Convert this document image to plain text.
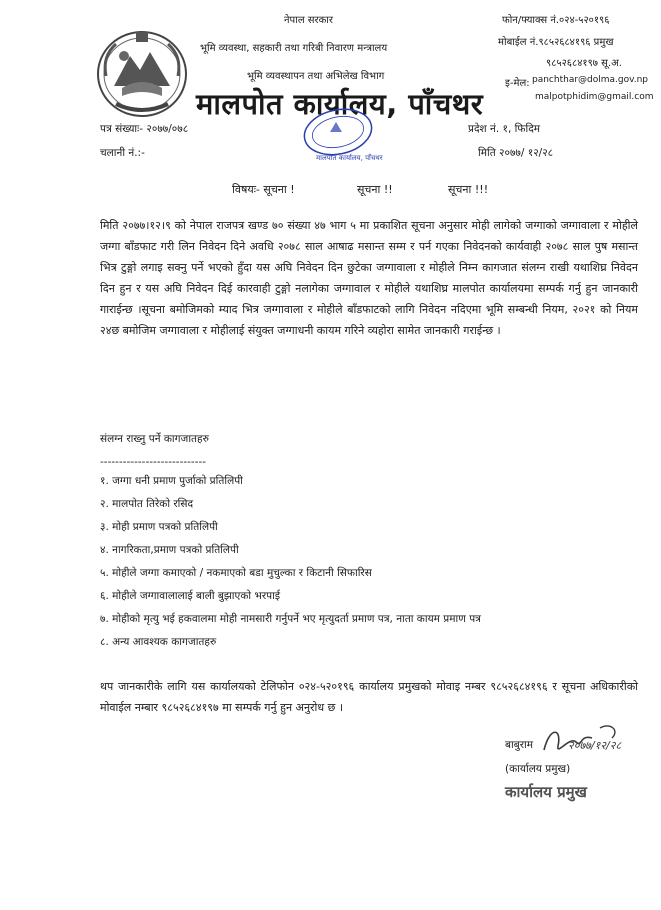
नेपाल सरकार
भूमि व्यवस्था, सहकारी तथा गरिबी निवारण मन्त्रालय
भूमि व्यवस्थापन तथा अभिलेख विभाग
फोन/फ्याक्स नं.०२४-५२०१९६
मोबाईल नं.९८५२६८४१९६ प्रमुख
९८५२६८४१९७ सू.अ.
इ-मेल: panchthar@dolma.gov.np
malpotphidim@gmail.com
मालपोत कार्यालय, पाँचथर
मालपोत कार्यालय, पाँचथर
पत्र संख्याः- २०७७/०७८
चलानी नं.:-
प्रदेश नं. १, फिदिम
मिति २०७७/ १२/२८
विषयः- सूचना !	सूचना !!	सूचना !!!
मिति २०७७।१२।९ को नेपाल राजपत्र खण्ड ७० संख्या ४७ भाग ५ मा प्रकाशित सूचना अनुसार मोही लागेको जग्गाको जग्गावाला र मोहीले जग्गा बाँडफाट गरी लिन निवेदन दिने अवधि २०७८ साल आषाढ मसान्त सम्म र पर्न गएका निवेदनको कार्यवाही २०७८ साल पुष मसान्त भित्र टुङ्गो लगाइ सक्नु पर्ने भएको हुँदा यस अघि निवेदन दिन छुटेका जग्गावाला र मोहीले निम्न कागजात संलग्न राखी यथाशिघ्र निवेदन दिन हुन र यस अघि निवेदन दिई कारवाही टुङ्गो नलागेका जग्गावाल र मोहीले यथाशिघ्र मालपोत कार्यालयमा सम्पर्क गर्नु हुन जानकारी गाराईन्छ ।सूचना बमोजिमको म्याद भित्र जग्गावाला र मोहीले बाँडफाटको लागि निवेदन नदिएमा भूमि सम्बन्धी नियम, २०२१ को नियम २४छ बमोजिम जग्गावाला र मोहीलाई संयुक्त जग्गाधनी कायम गरिने व्यहोरा सामेत जानकारी गराईन्छ ।
संलग्न राख्नु पर्ने कागजातहरु
----------------------------
१. जग्गा धनी प्रमाण पुर्जाको प्रतिलिपी
२. मालपोत तिरेको रसिद
३. मोही प्रमाण पत्रको प्रतिलिपी
४. नागरिकता,प्रमाण पत्रको प्रतिलिपी
५. मोहीले जग्गा कमाएको / नकमाएको बडा मुचुल्का र किटानी सिफारिस
६. मोहीले जग्गावालालाई बाली बुझाएको भरपाई
७. मोहीको मृत्यु भई हकवालमा मोही नामसारी गर्नुपर्ने भए मृत्युदर्ता प्रमाण पत्र, नाता कायम प्रमाण पत्र
८. अन्य आवश्यक कागजातहरु
थप जानकारीके लागि यस कार्यालयको टेलिफोन ०२४-५२०१९६ कार्यालय प्रमुखको मोवाइ नम्बर ९८५२६८४१९६ र सूचना अधिकारीको मोवाईल नम्बार ९८५२६८४१९७ मा सम्पर्क गर्नु हुन अनुरोध छ ।
बाबुराम	२०७७/१२/२८
(कार्यालय प्रमुख)
कार्यालय प्रमुख
